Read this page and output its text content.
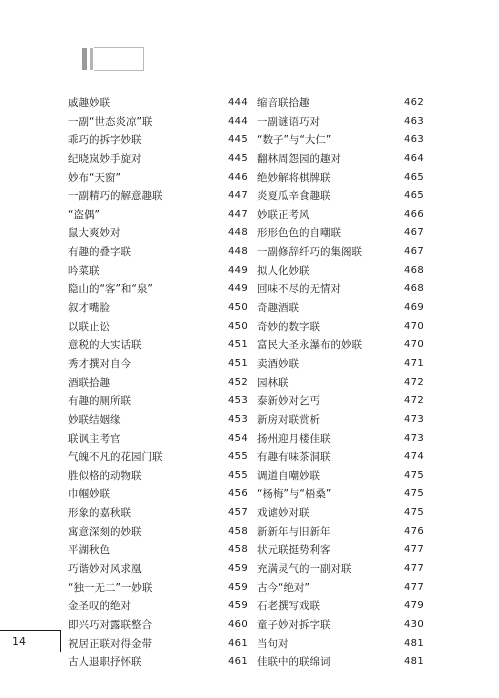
戚趣妙联	444
一副“世态炎凉”联	444
乖巧的拆字妙联	445
纪晓岚妙手旋对	445
妙布“天窗”	446
一副精巧的解意趣联	447
“盗偶”	447
鼠大爽妙对	448
有趣的叠字联	448
吟菜联	449
隐山的“客”和“泉”	449
叙才嘴脸	450
以联止讼	450
意税的大实话联	451
秀才撰对自今	451
酒联拾趣	452
有趣的厕所联	453
妙联结姻缘	453
联讽主考官	454
气魄不凡的花园门联	455
胜似格的动物联	455
巾帼妙联	456
形象的嘉秋联	457
寓意深刻的妙联	458
平湖秋色	458
巧谐妙对风求凰	459
“独一无二”一妙联	459
金圣叹的绝对	459
即兴巧对露联整合	460
祝居正联对得金带	461
古人退职抒怀联	461
缩音联拾趣	462
一副谜语巧对	463
“数子”与“大仁”	463
翻林周怨园的趣对	464
绝妙解将棋牌联	465
炎夏瓜辛食趣联	465
妙联正考风	466
形形色色的自嘲联	467
一副修辞纤巧的集阁联	467
拟人化妙联	468
回味不尽的无情对	468
奇趣酒联	469
奇妙的数字联	470
富民大圣永瀑布的妙联	470
卖酒妙联	471
园林联	472
泰新妙对乞丐	472
新房对联赏析	473
扬州迎月楼佳联	473
有趣有味茶洞联	474
调道自嘲妙联	475
“杨梅”与“梧桑”	475
戏谑妙对联	475
新新年与旧新年	476
状元联挺势利客	477
充满灵气的一副对联	477
古今“绝对”	477
石老撰写戏联	479
童子妙对拆字联	430
当句对	481
佳联中的联绵词	481
14
